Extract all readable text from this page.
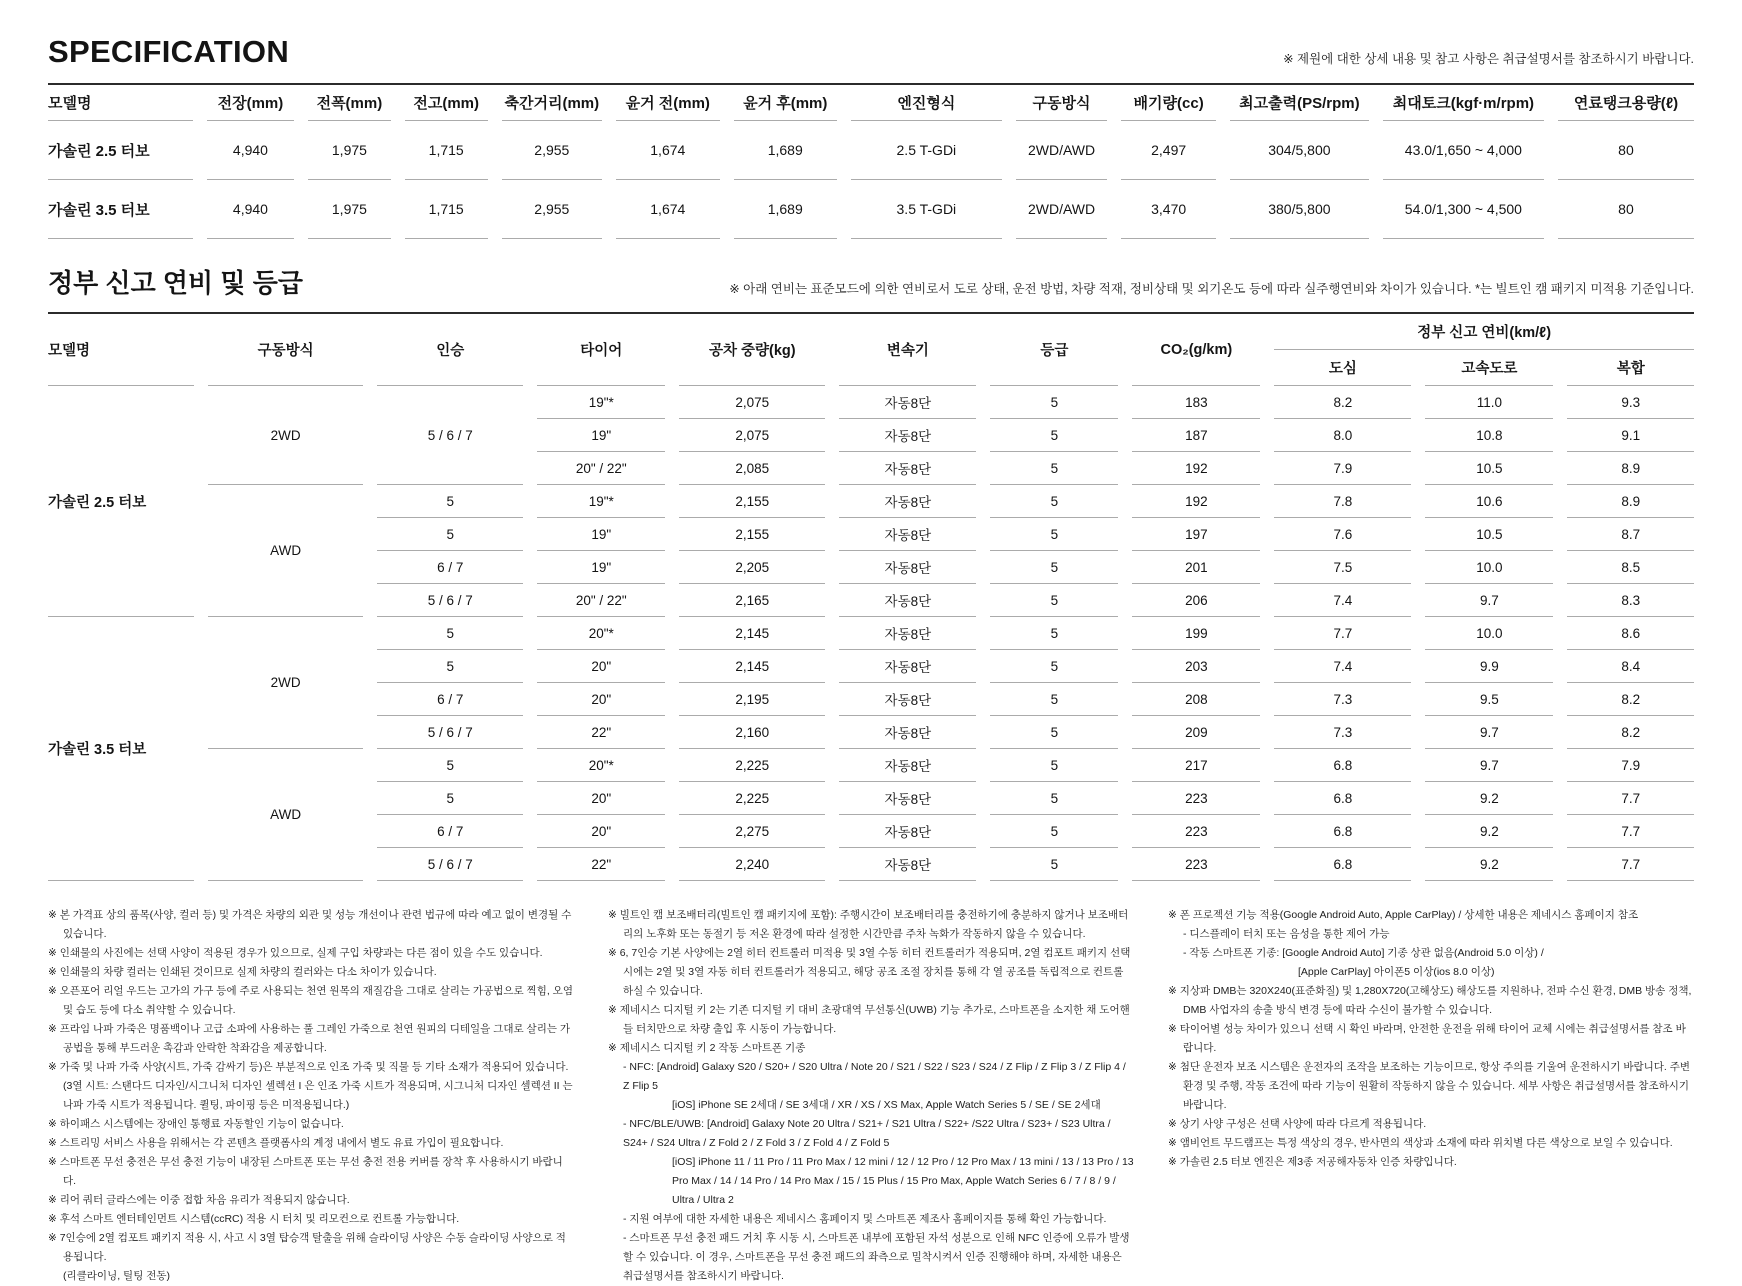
SPECIFICATION	※ 제원에 대한 상세 내용 및 참고 사항은 취급설명서를 참조하시기 바랍니다.
모델명	전장(mm)	전폭(mm)	전고(mm)	축간거리(mm)	윤거 전(mm)	윤거 후(mm)	엔진형식	구동방식	배기량(cc)	최고출력(PS/rpm)	최대토크(kgf·m/rpm)	연료탱크용량(ℓ)
가솔린 2.5 터보	4,940	1,975	1,715	2,955	1,674	1,689	2.5 T-GDi	2WD/AWD	2,497	304/5,800	43.0/1,650 ~ 4,000	80
가솔린 3.5 터보	4,940	1,975	1,715	2,955	1,674	1,689	3.5 T-GDi	2WD/AWD	3,470	380/5,800	54.0/1,300 ~ 4,500	80
정부 신고 연비 및 등급	※ 아래 연비는 표준모드에 의한 연비로서 도로 상태, 운전 방법, 차량 적재, 정비상태 및 외기온도 등에 따라 실주행연비와 차이가 있습니다. *는 빌트인 캠 패키지 미적용 기준입니다.
모델명	구동방식	인승	타이어	공차 중량(kg)	변속기	등급	CO₂(g/km)	정부 신고 연비(km/ℓ)		
								도심	고속도로	복합
가솔린 2.5 터보	2WD	5 / 6 / 7	19"*	2,075	자동8단	5	183	8.2	11.0	9.3
			19"	2,075	자동8단	5	187	8.0	10.8	9.1
			20" / 22"	2,085	자동8단	5	192	7.9	10.5	8.9
	AWD	5	19"*	2,155	자동8단	5	192	7.8	10.6	8.9
		5	19"	2,155	자동8단	5	197	7.6	10.5	8.7
		6 / 7	19"	2,205	자동8단	5	201	7.5	10.0	8.5
		5 / 6 / 7	20" / 22"	2,165	자동8단	5	206	7.4	9.7	8.3
가솔린 3.5 터보	2WD	5	20"*	2,145	자동8단	5	199	7.7	10.0	8.6
		5	20"	2,145	자동8단	5	203	7.4	9.9	8.4
		6 / 7	20"	2,195	자동8단	5	208	7.3	9.5	8.2
		5 / 6 / 7	22"	2,160	자동8단	5	209	7.3	9.7	8.2
	AWD	5	20"*	2,225	자동8단	5	217	6.8	9.7	7.9
		5	20"	2,225	자동8단	5	223	6.8	9.2	7.7
		6 / 7	20"	2,275	자동8단	5	223	6.8	9.2	7.7
		5 / 6 / 7	22"	2,240	자동8단	5	223	6.8	9.2	7.7
※ 본 가격표 상의 품목(사양, 컬러 등) 및 가격은 차량의 외관 및 성능 개선이나 관련 법규에 따라 예고 없이 변경될 수 있습니다.
※ 인쇄물의 사진에는 선택 사양이 적용된 경우가 있으므로, 실제 구입 차량과는 다른 점이 있을 수도 있습니다.
※ 인쇄물의 차량 컬러는 인쇄된 것이므로 실제 차량의 컬러와는 다소 차이가 있습니다.
※ 오픈포어 리얼 우드는 고가의 가구 등에 주로 사용되는 천연 원목의 재질감을 그대로 살리는 가공법으로 찍힘, 오염 및 습도 등에 다소 취약할 수 있습니다.
※ 프라임 나파 가죽은 명품백이나 고급 소파에 사용하는 풀 그레인 가죽으로 천연 원피의 디테일을 그대로 살리는 가공법을 통해 부드러운 촉감과 안락한 착좌감을 제공합니다.
※ 가죽 및 나파 가죽 사양(시트, 가죽 감싸기 등)은 부분적으로 인조 가죽 및 직물 등 기타 소재가 적용되어 있습니다.
(3열 시트: 스탠다드 디자인/시그니처 디자인 셀렉션 I 은 인조 가죽 시트가 적용되며, 시그니처 디자인 셀렉션 II 는 나파 가죽 시트가 적용됩니다. 퀼팅, 파이핑 등은 미적용됩니다.)
※ 하이패스 시스템에는 장애인 통행료 자동할인 기능이 없습니다.
※ 스트리밍 서비스 사용을 위해서는 각 콘텐츠 플랫폼사의 계정 내에서 별도 유료 가입이 필요합니다.
※ 스마트폰 무선 충전은 무선 충전 기능이 내장된 스마트폰 또는 무선 충전 전용 커버를 장착 후 사용하시기 바랍니다.
※ 리어 쿼터 글라스에는 이중 접합 차음 유리가 적용되지 않습니다.
※ 후석 스마트 엔터테인먼트 시스템(ccRC) 적용 시 터치 및 리모컨으로 컨트롤 가능합니다.
※ 7인승에 2열 컴포트 패키지 적용 시, 사고 시 3열 탑승객 탈출을 위해 슬라이딩 사양은 수동 슬라이딩 사양으로 적용됩니다.
(리클라이닝, 틸팅 전동)
※ 빌트인 캠 보조배터리(빌트인 캠 패키지에 포함): 주행시간이 보조배터리를 충전하기에 충분하지 않거나 보조배터리의 노후화 또는 동절기 등 저온 환경에 따라 설정한 시간만큼 주차 녹화가 작동하지 않을 수 있습니다.
※ 6, 7인승 기본 사양에는 2열 히터 컨트롤러 미적용 및 3열 수동 히터 컨트롤러가 적용되며, 2열 컴포트 패키지 선택 시에는 2열 및 3열 자동 히터 컨트롤러가 적용되고, 해당 공조 조절 장치를 통해 각 열 공조를 독립적으로 컨트롤 하실 수 있습니다.
※ 제네시스 디지털 키 2는 기존 디지털 키 대비 초광대역 무선통신(UWB) 기능 추가로, 스마트폰을 소지한 채 도어핸들 터치만으로 차량 출입 후 시동이 가능합니다.
※ 제네시스 디지털 키 2 작동 스마트폰 기종
- NFC: [Android] Galaxy S20 / S20+ / S20 Ultra / Note 20 / S21 / S22 / S23 / S24 / Z Flip / Z Flip 3 / Z Flip 4 / Z Flip 5
[iOS] iPhone SE 2세대 / SE 3세대 / XR / XS / XS Max, Apple Watch Series 5 / SE / SE 2세대
- NFC/BLE/UWB: [Android] Galaxy Note 20 Ultra / S21+ / S21 Ultra / S22+ /S22 Ultra / S23+ / S23 Ultra / S24+ / S24 Ultra / Z Fold 2 / Z Fold 3 / Z Fold 4 / Z Fold 5
[iOS] iPhone 11 / 11 Pro / 11 Pro Max / 12 mini / 12 / 12 Pro / 12 Pro Max / 13 mini / 13 / 13 Pro / 13 Pro Max / 14 / 14 Pro / 14 Pro Max / 15 / 15 Plus / 15 Pro Max, Apple Watch Series 6 / 7 / 8 / 9 / Ultra / Ultra 2
- 지원 여부에 대한 자세한 내용은 제네시스 홈페이지 및 스마트폰 제조사 홈페이지를 통해 확인 가능합니다.
- 스마트폰 무선 충전 패드 거치 후 시동 시, 스마트폰 내부에 포함된 자석 성분으로 인해 NFC 인증에 오류가 발생할 수 있습니다. 이 경우, 스마트폰을 무선 충전 패드의 좌측으로 밀착시켜서 인증 진행해야 하며, 자세한 내용은 취급설명서를 참조하시기 바랍니다.
※ 폰 프로젝션 기능 적용(Google Android Auto, Apple CarPlay) / 상세한 내용은 제네시스 홈페이지 참조
- 디스플레이 터치 또는 음성을 통한 제어 가능
- 작동 스마트폰 기종: [Google Android Auto] 기종 상관 없음(Android 5.0 이상) /
[Apple CarPlay] 아이폰5 이상(ios 8.0 이상)
※ 지상파 DMB는 320X240(표준화질) 및 1,280X720(고해상도) 해상도를 지원하나, 전파 수신 환경, DMB 방송 정책, DMB 사업자의 송출 방식 변경 등에 따라 수신이 불가할 수 있습니다.
※ 타이어별 성능 차이가 있으니 선택 시 확인 바라며, 안전한 운전을 위해 타이어 교체 시에는 취급설명서를 참조 바랍니다.
※ 첨단 운전자 보조 시스템은 운전자의 조작을 보조하는 기능이므로, 항상 주의를 기울여 운전하시기 바랍니다. 주변 환경 및 주행, 작동 조건에 따라 기능이 원활히 작동하지 않을 수 있습니다. 세부 사항은 취급설명서를 참조하시기 바랍니다.
※ 상기 사양 구성은 선택 사양에 따라 다르게 적용됩니다.
※ 앰비언트 무드램프는 특정 색상의 경우, 반사면의 색상과 소재에 따라 위치별 다른 색상으로 보일 수 있습니다.
※ 가솔린 2.5 터보 엔진은 제3종 저공해자동차 인증 차량입니다.
